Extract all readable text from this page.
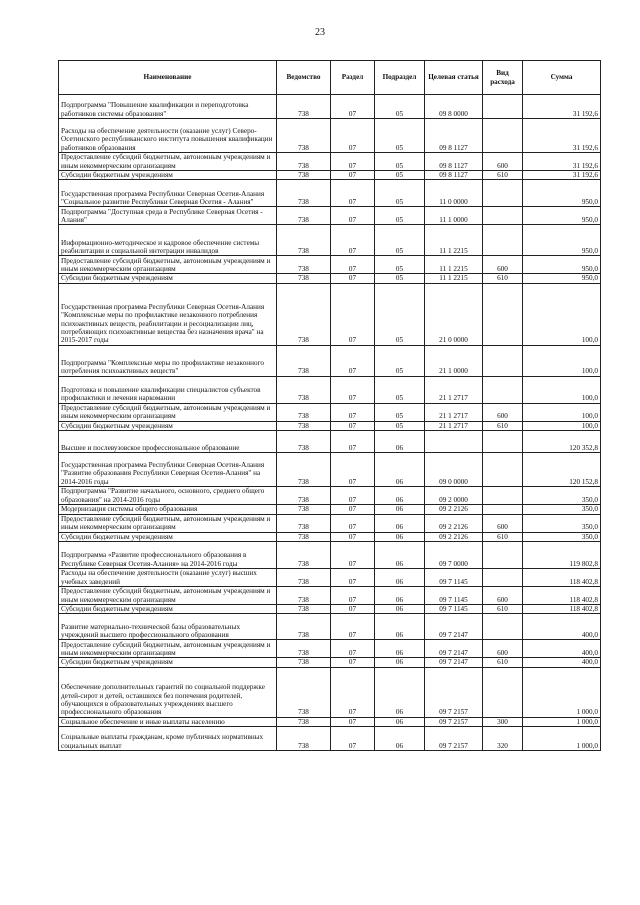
23
Наименование	Ведомство	Раздел	Подраздел	Целевая статья	Вид расхода	Сумма
Подпрограмма "Повышение квалификации и переподготовка работников системы образования"	738	07	05	09 8 0000		31 192,6
Расходы на обеспечение деятельности (оказание услуг) Северо-Осетинского республиканского института повышения квалификации работников образования	738	07	05	09 8 1127		31 192,6
Предоставление субсидий бюджетным, автономным учреждениям и иным некоммерческим организациям	738	07	05	09 8 1127	600	31 192,6
Субсидии бюджетным учреждениям	738	07	05	09 8 1127	610	31 192,6
Государственная программа Республики Северная Осетия-Алания "Социальное развитие Республики Северная Осетия - Алания"	738	07	05	11 0 0000		950,0
Подпрограмма "Доступная среда в Республике Северная Осетия - Алания"	738	07	05	11 1 0000		950,0
Информационно-методическое и кадровое обеспечение системы реабилитации и социальной интеграции инвалидов	738	07	05	11 1 2215		950,0
Предоставление субсидий бюджетным, автономным учреждениям и иным некоммерческим организациям	738	07	05	11 1 2215	600	950,0
Субсидии бюджетным учреждениям	738	07	05	11 1 2215	610	950,0
Государственная программа Республики Северная Осетия-Алания "Комплексные меры по профилактике незаконного потребления психоактивных веществ, реабилитации и ресоциализации лиц, потребляющих психоактивные вещества без назначения врача" на 2015-2017 годы	738	07	05	21 0 0000		100,0
Подпрограмма "Комплексные меры по профилактике незаконного потребления психоактивных веществ"	738	07	05	21 1 0000		100,0
Подготовка и повышение квалификации специалистов субъектов профилактики и лечения наркомании	738	07	05	21 1 2717		100,0
Предоставление субсидий бюджетным, автономным учреждениям и иным некоммерческим организациям	738	07	05	21 1 2717	600	100,0
Субсидии бюджетным учреждениям	738	07	05	21 1 2717	610	100,0
Высшее и послевузовское профессиональное образование	738	07	06			120 352,8
Государственная программа Республики Северная Осетия-Алания "Развитие образования Республики Северная Осетия-Алания" на 2014-2016 годы	738	07	06	09 0 0000		120 152,8
Подпрограмма "Развитие начального, основного, среднего общего образования" на 2014-2016 годы	738	07	06	09 2 0000		350,0
Модернизация системы общего образования	738	07	06	09 2 2126		350,0
Предоставление субсидий бюджетным, автономным учреждениям и иным некоммерческим организациям	738	07	06	09 2 2126	600	350,0
Субсидии бюджетным учреждениям	738	07	06	09 2 2126	610	350,0
Подпрограмма «Развитие профессионального образования в Республике Северная Осетия-Алания» на 2014-2016 годы	738	07	06	09 7 0000		119 802,8
Расходы на обеспечение деятельности (оказание услуг) высших учебных заведений	738	07	06	09 7 1145		118 402,8
Предоставление субсидий бюджетным, автономным учреждениям и иным некоммерческим организациям	738	07	06	09 7 1145	600	118 402,8
Субсидии бюджетным учреждениям	738	07	06	09 7 1145	610	118 402,8
Развитие материально-технической базы образовательных учреждений высшего профессионального образования	738	07	06	09 7 2147		400,0
Предоставление субсидий бюджетным, автономным учреждениям и иным некоммерческим организациям	738	07	06	09 7 2147	600	400,0
Субсидии бюджетным учреждениям	738	07	06	09 7 2147	610	400,0
Обеспечение дополнительных гарантий по социальной поддержке детей-сирот и детей, оставшихся без попечения родителей, обучающихся в образовательных учреждениях высшего профессионального образования	738	07	06	09 7 2157		1 000,0
Социальное обеспечение и иные выплаты населению	738	07	06	09 7 2157	300	1 000,0
Социальные выплаты гражданам, кроме публичных нормативных социальных выплат	738	07	06	09 7 2157	320	1 000,0
